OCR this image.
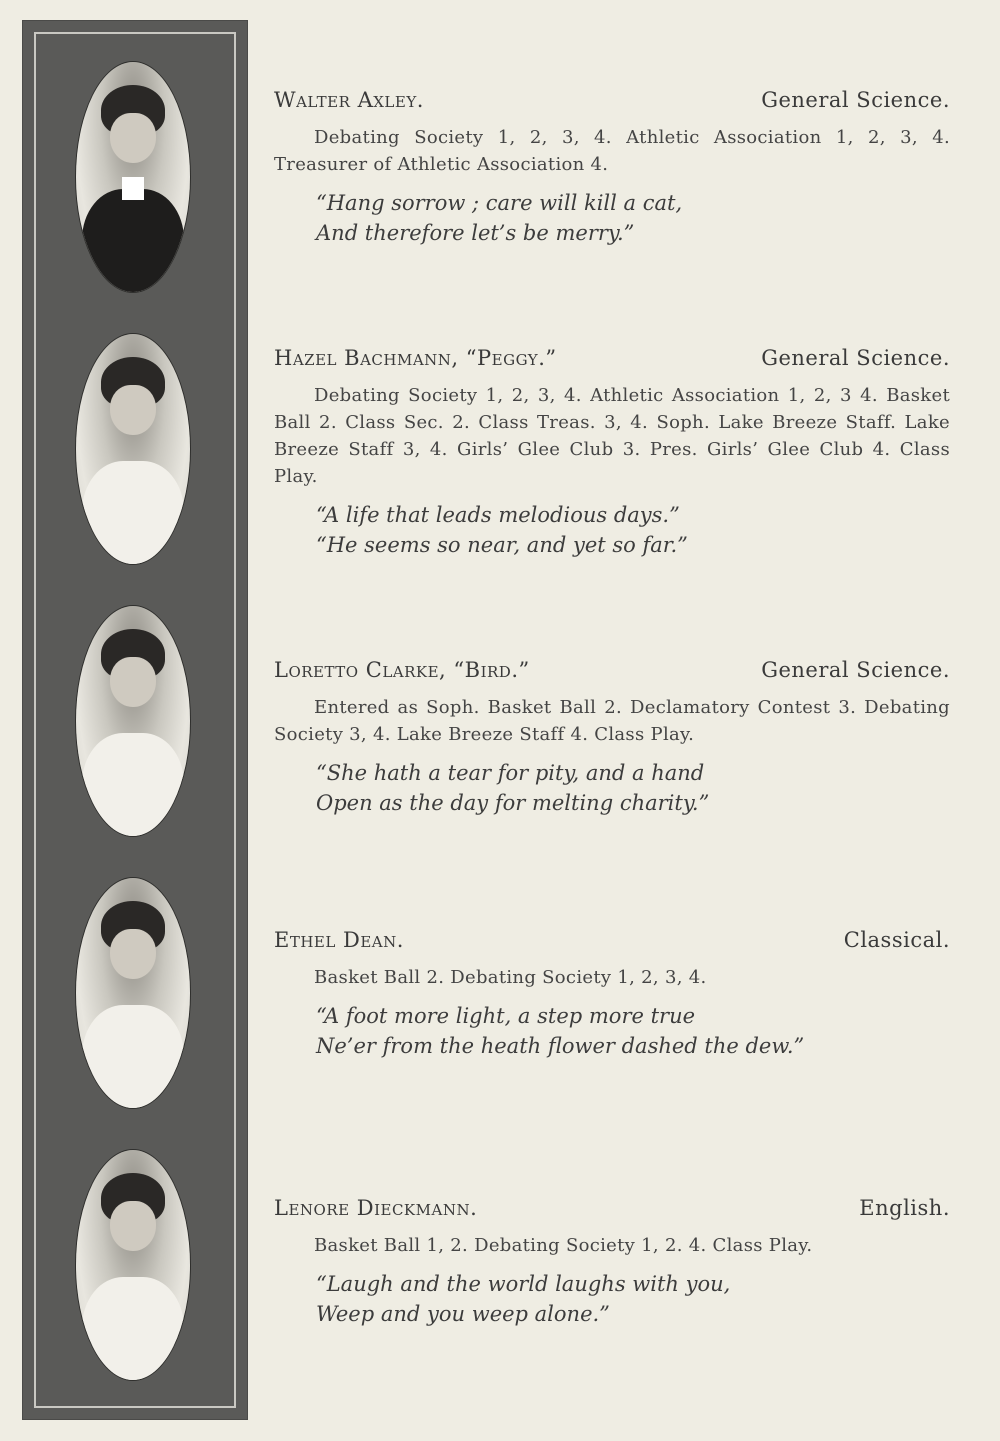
Walter Axley.	General Science.
Debating Society 1, 2, 3, 4. Athletic Association 1, 2, 3, 4. Treasurer of Athletic Association 4.
“Hang sorrow ; care will kill a cat,
And therefore let’s be merry.”
Hazel Bachmann, “Peggy.”	General Science.
Debating Society 1, 2, 3, 4. Athletic Association 1, 2, 3 4. Basket Ball 2. Class Sec. 2. Class Treas. 3, 4. Soph. Lake Breeze Staff. Lake Breeze Staff 3, 4. Girls’ Glee Club 3. Pres. Girls’ Glee Club 4. Class Play.
“A life that leads melodious days.”
“He seems so near, and yet so far.”
Loretto Clarke, “Bird.”	General Science.
Entered as Soph. Basket Ball 2. Declamatory Contest 3. Debating Society 3, 4. Lake Breeze Staff 4. Class Play.
“She hath a tear for pity, and a hand
Open as the day for melting charity.”
Ethel Dean.	Classical.
Basket Ball 2. Debating Society 1, 2, 3, 4.
“A foot more light, a step more true
Ne’er from the heath flower dashed the dew.”
Lenore Dieckmann.	English.
Basket Ball 1, 2. Debating Society 1, 2. 4. Class Play.
“Laugh and the world laughs with you,
Weep and you weep alone.”
